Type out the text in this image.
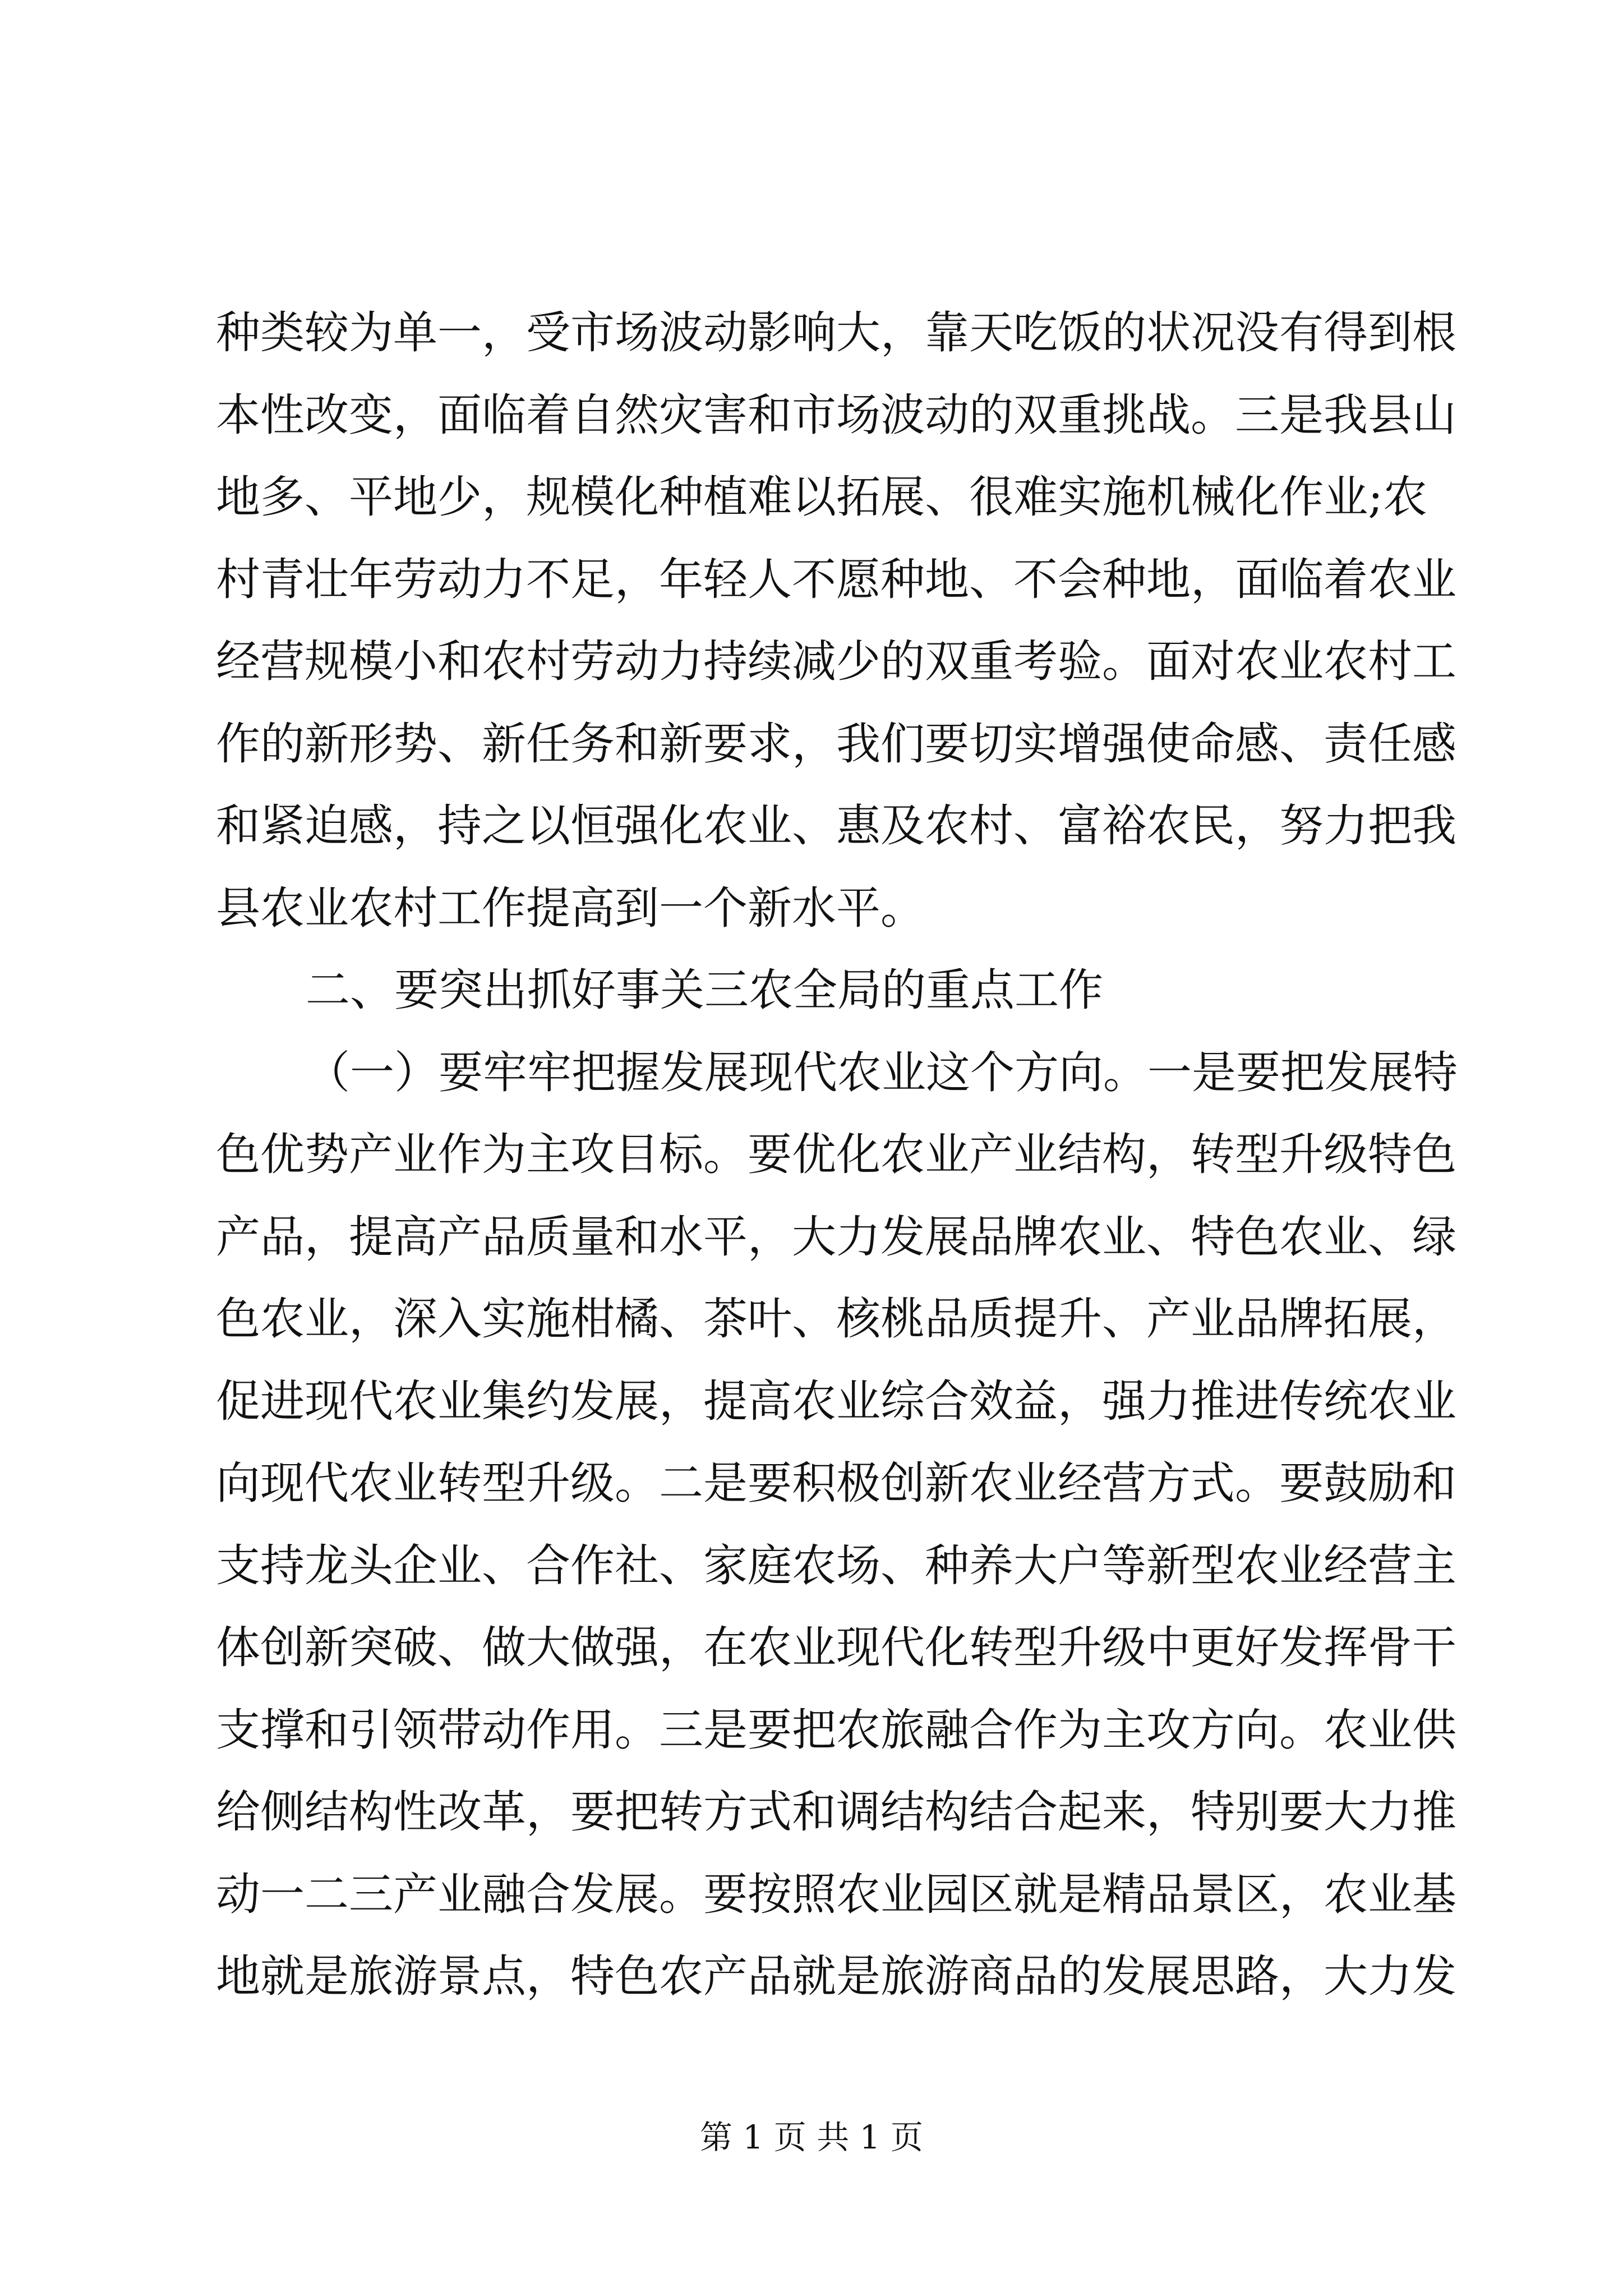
种类较为单一，受市场波动影响大，靠天吃饭的状况没有得到根
本性改变，面临着自然灾害和市场波动的双重挑战。三是我县山
地多、平地少，规模化种植难以拓展、很难实施机械化作业;农
村青壮年劳动力不足，年轻人不愿种地、不会种地，面临着农业
经营规模小和农村劳动力持续减少的双重考验。面对农业农村工
作的新形势、新任务和新要求，我们要切实增强使命感、责任感
和紧迫感，持之以恒强化农业、惠及农村、富裕农民，努力把我
县农业农村工作提高到一个新水平。
二、要突出抓好事关三农全局的重点工作
（一）要牢牢把握发展现代农业这个方向。一是要把发展特
色优势产业作为主攻目标。要优化农业产业结构，转型升级特色
产品，提高产品质量和水平，大力发展品牌农业、特色农业、绿
色农业，深入实施柑橘、茶叶、核桃品质提升、产业品牌拓展，
促进现代农业集约发展，提高农业综合效益，强力推进传统农业
向现代农业转型升级。二是要积极创新农业经营方式。要鼓励和
支持龙头企业、合作社、家庭农场、种养大户等新型农业经营主
体创新突破、做大做强，在农业现代化转型升级中更好发挥骨干
支撑和引领带动作用。三是要把农旅融合作为主攻方向。农业供
给侧结构性改革，要把转方式和调结构结合起来，特别要大力推
动一二三产业融合发展。要按照农业园区就是精品景区，农业基
地就是旅游景点，特色农产品就是旅游商品的发展思路，大力发
第 1 页 共 1 页
